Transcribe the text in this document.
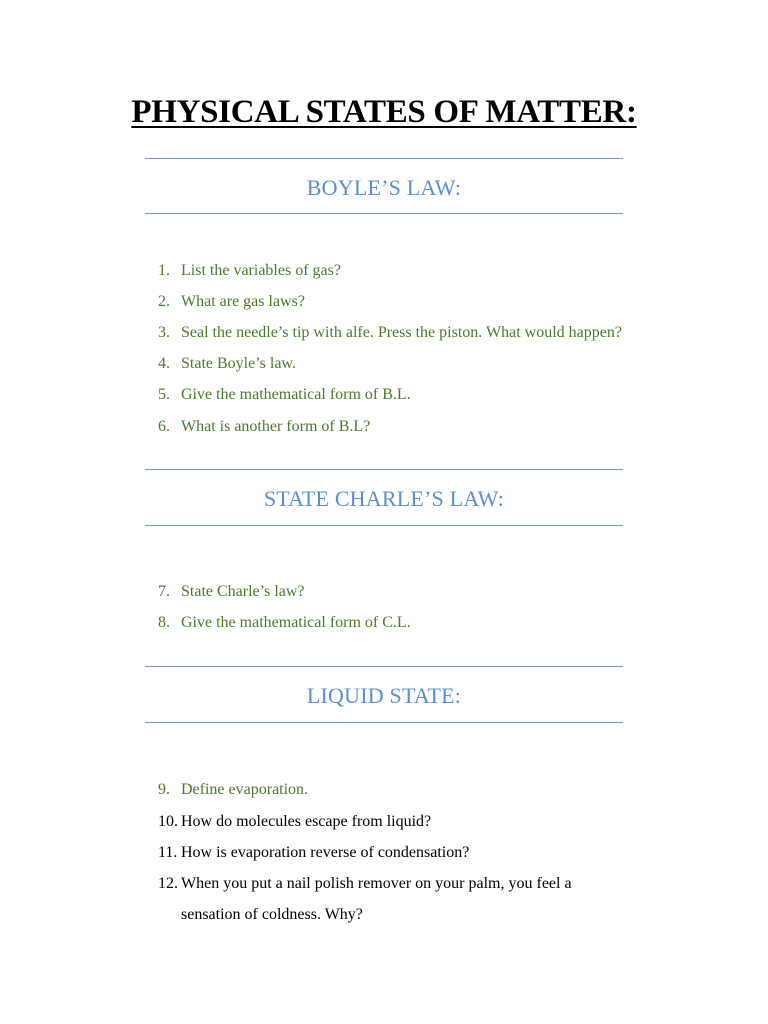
PHYSICAL STATES OF MATTER:
BOYLE’S LAW:
1. List the variables of gas?
2. What are gas laws?
3. Seal the needle’s tip with alfe. Press the piston. What would happen?
4. State Boyle’s law.
5. Give the mathematical form of B.L.
6. What is another form of B.L?
STATE CHARLE’S LAW:
7. State Charle’s law?
8. Give the mathematical form of C.L.
LIQUID STATE:
9. Define evaporation.
10. How do molecules escape from liquid?
11. How is evaporation reverse of condensation?
12. When you put a nail polish remover on your palm, you feel a
sensation of coldness. Why?
